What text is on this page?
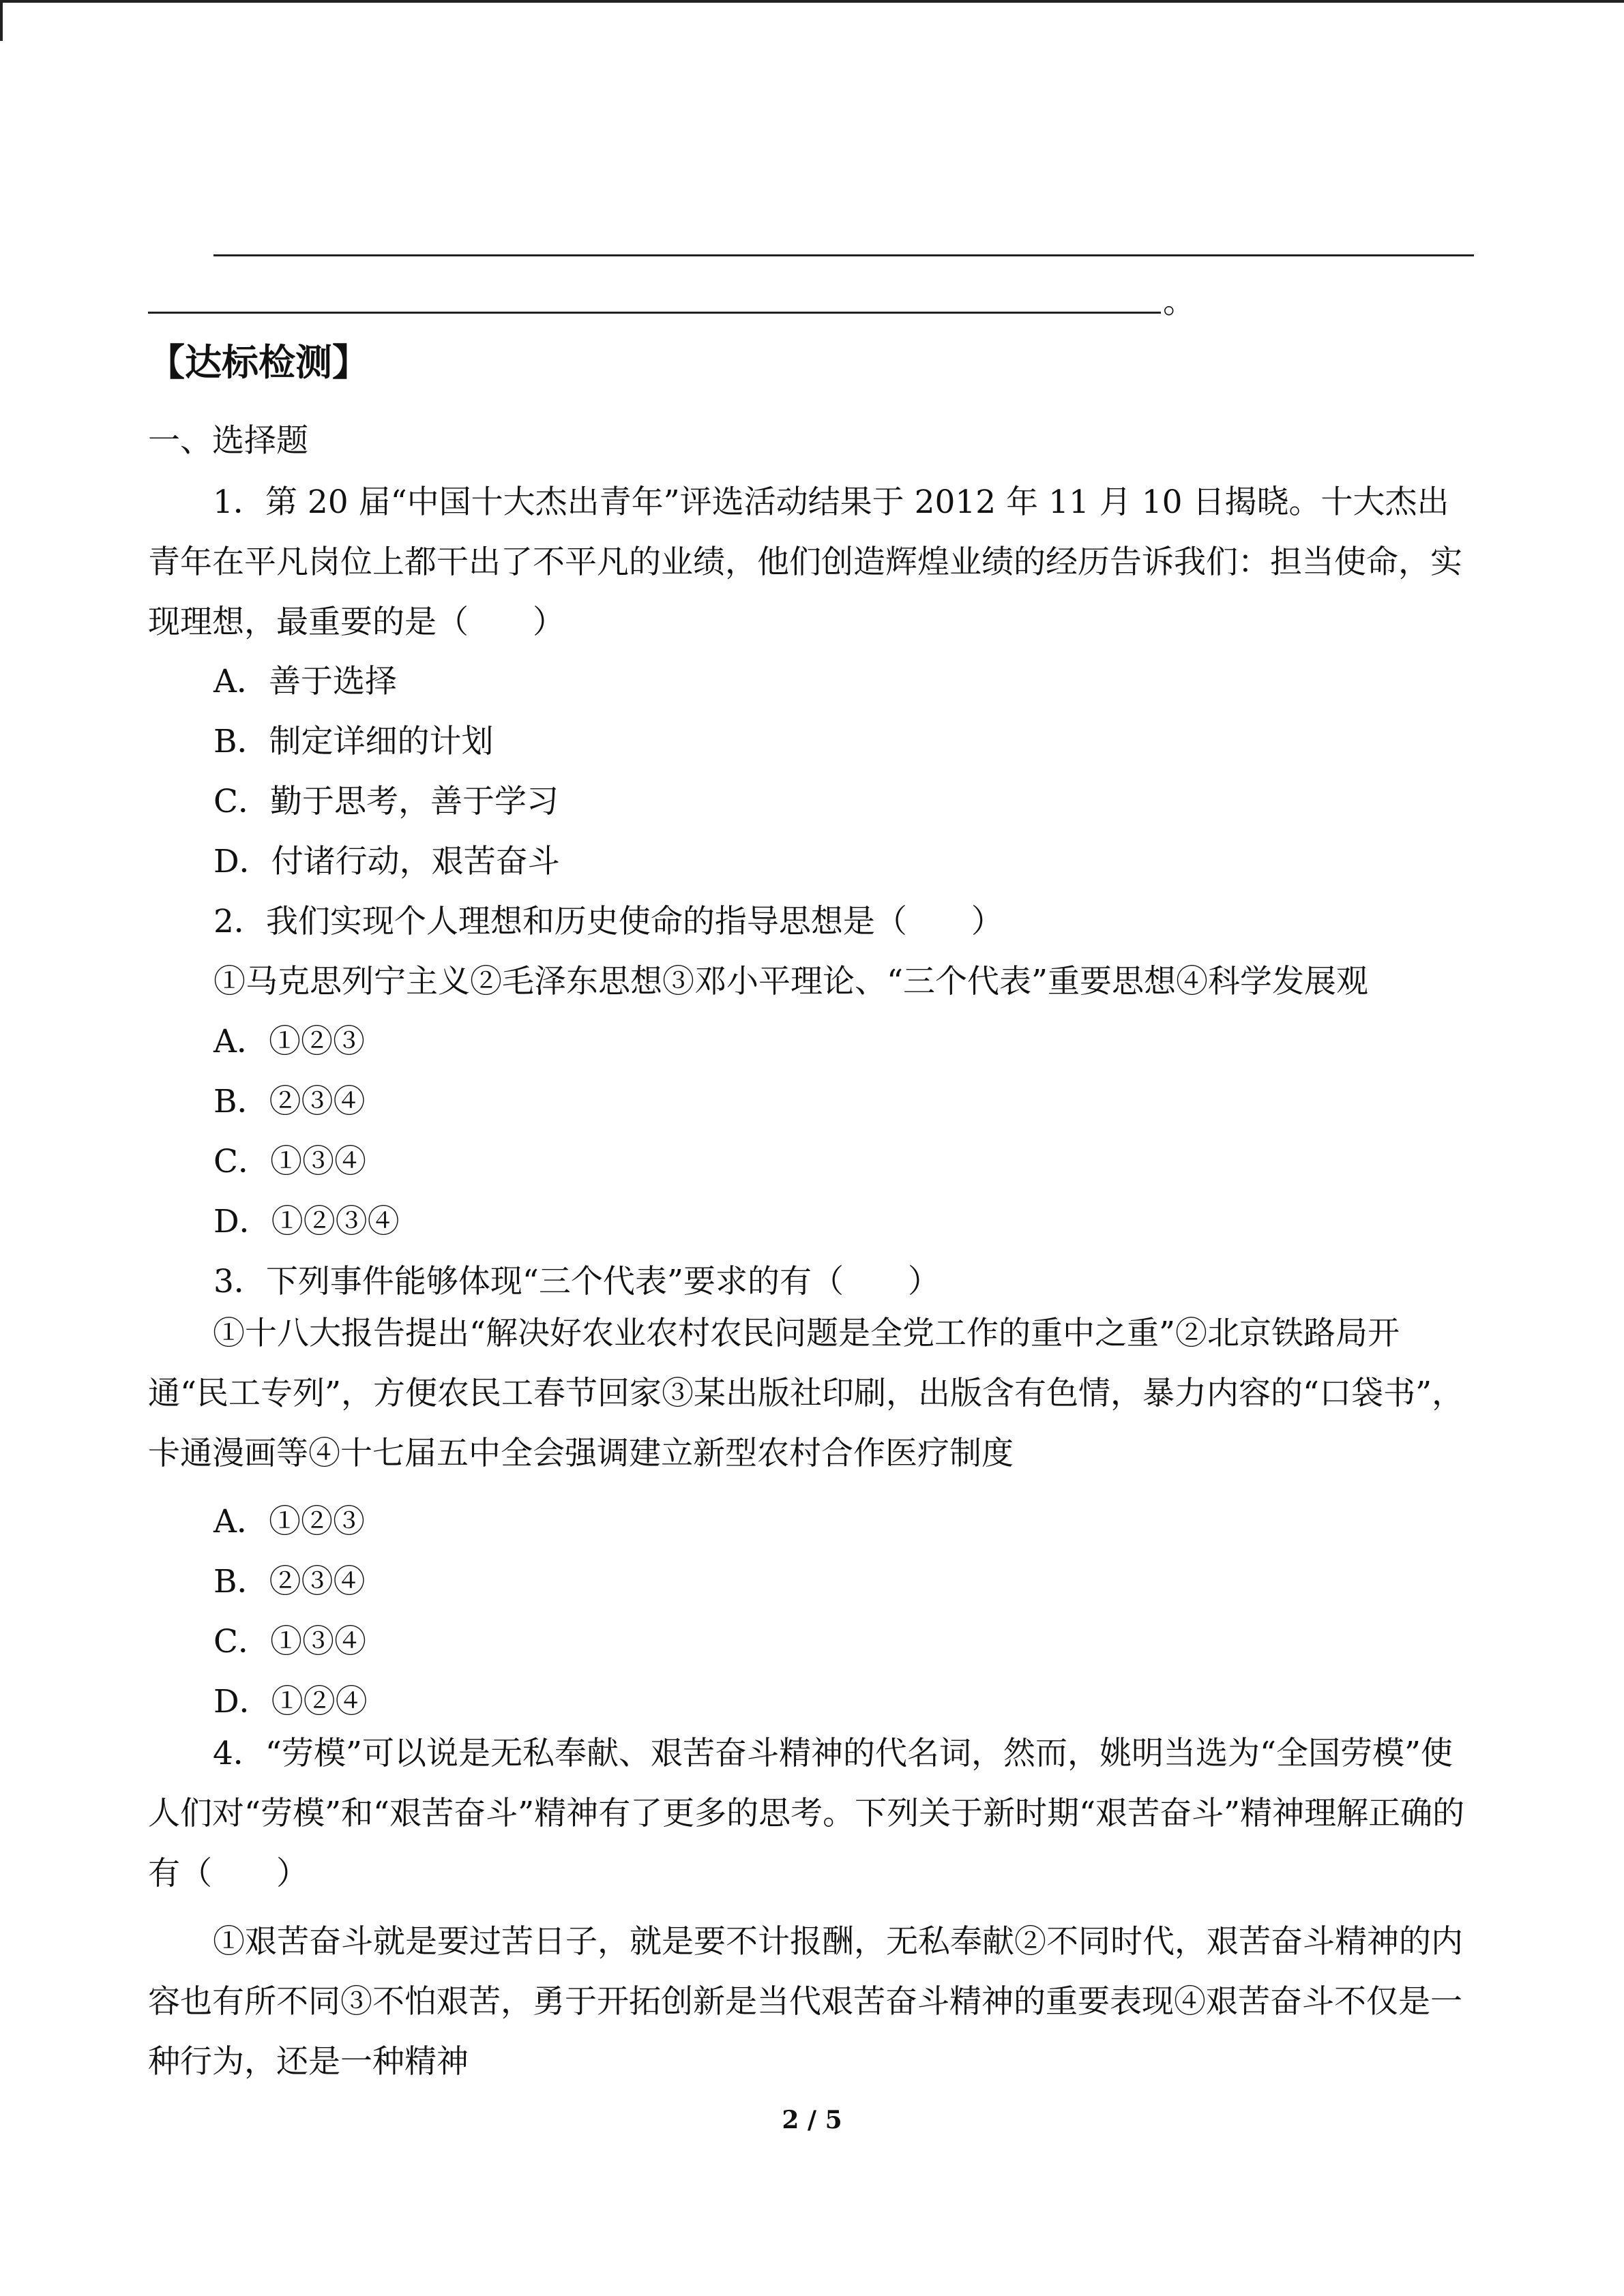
。
【达标检测】
一、选择题
1．第 20 届“中国十大杰出青年”评选活动结果于 2012 年 11 月 10 日揭晓。十大杰出青年在平凡岗位上都干出了不平凡的业绩，他们创造辉煌业绩的经历告诉我们：担当使命，实现理想，最重要的是（　　）
A．善于选择
B．制定详细的计划
C．勤于思考，善于学习
D．付诸行动，艰苦奋斗
2．我们实现个人理想和历史使命的指导思想是（　　）
①马克思列宁主义②毛泽东思想③邓小平理论、“三个代表”重要思想④科学发展观
A．①②③
B．②③④
C．①③④
D．①②③④
3．下列事件能够体现“三个代表”要求的有（　　）
①十八大报告提出“解决好农业农村农民问题是全党工作的重中之重”②北京铁路局开通“民工专列”，方便农民工春节回家③某出版社印刷，出版含有色情，暴力内容的“口袋书”，卡通漫画等④十七届五中全会强调建立新型农村合作医疗制度
A．①②③
B．②③④
C．①③④
D．①②④
4．“劳模”可以说是无私奉献、艰苦奋斗精神的代名词，然而，姚明当选为“全国劳模”使人们对“劳模”和“艰苦奋斗”精神有了更多的思考。下列关于新时期“艰苦奋斗”精神理解正确的有（　　）
①艰苦奋斗就是要过苦日子，就是要不计报酬，无私奉献②不同时代，艰苦奋斗精神的内容也有所不同③不怕艰苦，勇于开拓创新是当代艰苦奋斗精神的重要表现④艰苦奋斗不仅是一种行为，还是一种精神
2 / 5
